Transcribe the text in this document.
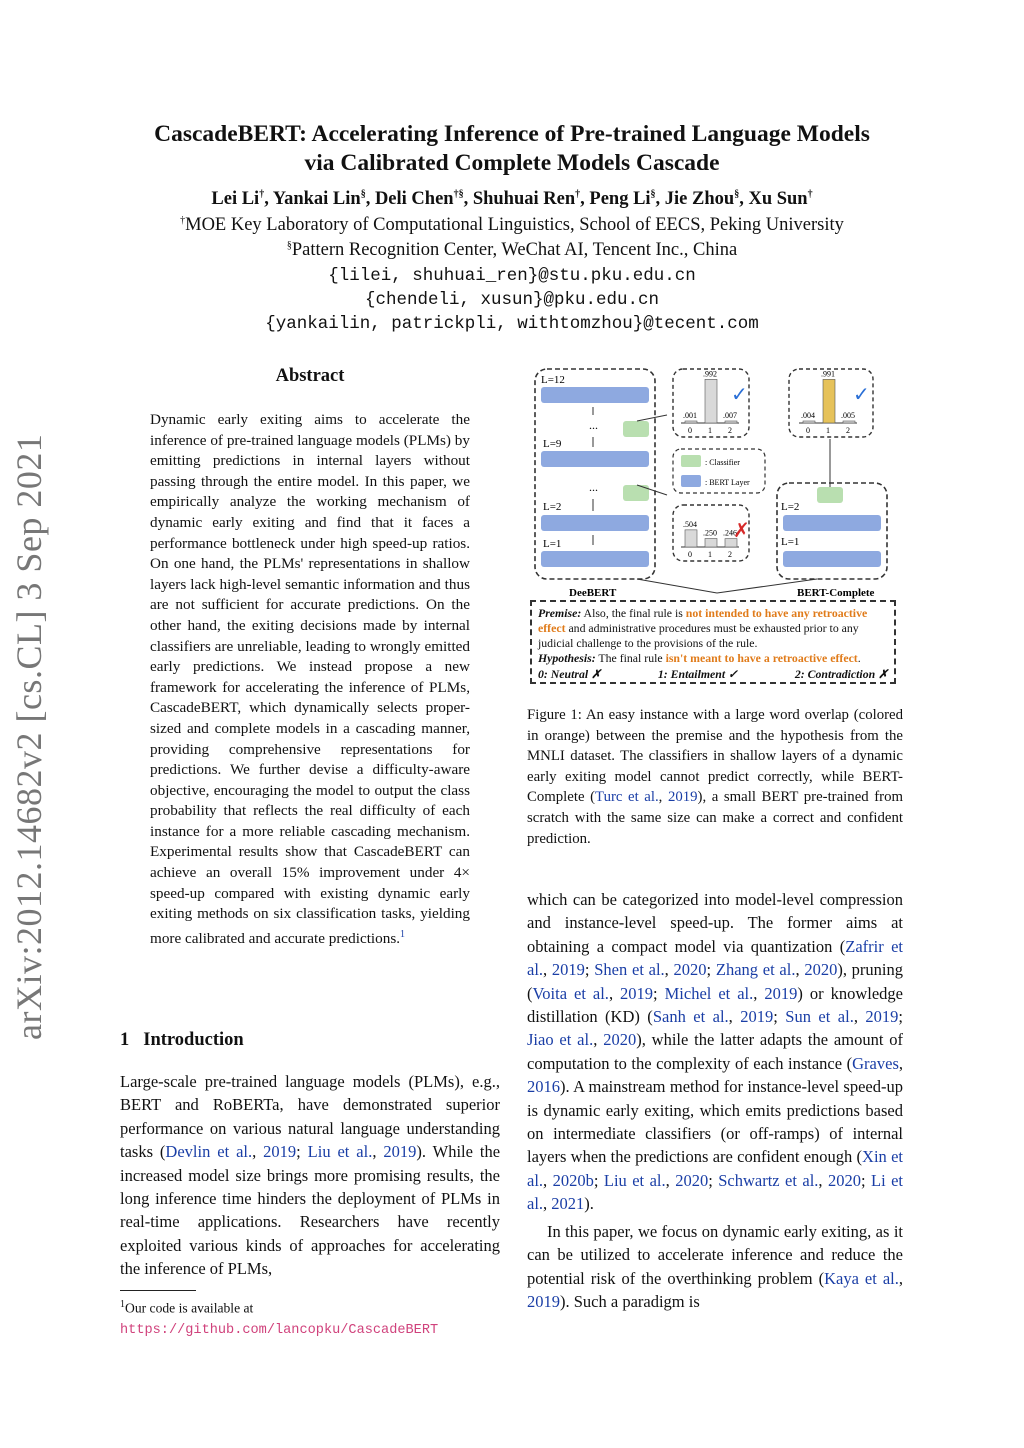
arXiv:2012.14682v2 [cs.CL] 3 Sep 2021
CascadeBERT: Accelerating Inference of Pre-trained Language Models
via Calibrated Complete Models Cascade
Lei Li†, Yankai Lin§, Deli Chen†§, Shuhuai Ren†, Peng Li§, Jie Zhou§, Xu Sun†
†MOE Key Laboratory of Computational Linguistics, School of EECS, Peking University
§Pattern Recognition Center, WeChat AI, Tencent Inc., China
{lilei, shuhuai_ren}@stu.pku.edu.cn
{chendeli, xusun}@pku.edu.cn
{yankailin, patrickpli, withtomzhou}@tecent.com
Abstract
Dynamic early exiting aims to accelerate the inference of pre-trained language models (PLMs) by emitting predictions in internal layers without passing through the entire model. In this paper, we empirically analyze the working mechanism of dynamic early exiting and find that it faces a performance bottleneck under high speed-up ratios. On one hand, the PLMs' representations in shallow layers lack high-level semantic information and thus are not sufficient for accurate predictions. On the other hand, the exiting decisions made by internal classifiers are unreliable, leading to wrongly emitted early predictions. We instead propose a new framework for accelerating the inference of PLMs, CascadeBERT, which dynamically selects proper-sized and complete models in a cascading manner, providing comprehensive representations for predictions. We further devise a difficulty-aware objective, encouraging the model to output the class probability that reflects the real difficulty of each instance for a more reliable cascading mechanism. Experimental results show that CascadeBERT can achieve an overall 15% improvement under 4× speed-up compared with existing dynamic early exiting methods on six classification tasks, yielding more calibrated and accurate predictions.$^1$
1 Introduction
Large-scale pre-trained language models (PLMs), e.g., BERT and RoBERTa, have demonstrated superior performance on various natural language understanding tasks (Devlin et al., 2019; Liu et al., 2019). While the increased model size brings more promising results, the long inference time hinders the deployment of PLMs in real-time applications. Researchers have recently exploited various kinds of approaches for accelerating the inference of PLMs,
$^1$Our code is available at https://github.com/lancopku/CascadeBERT
L=12
...
L=9
...
L=2
L=1
.001
0
.992
1
.007
2
✓
.504
0
.250
1
.246
2
✗
: Classifier
: BERT Layer
L=2
L=1
.004
0
.991
1
.005
2
✓
DeeBERT	BERT-Complete
Premise: Also, the final rule is not intended to have any retroactive effect and administrative procedures must be exhausted prior to any judicial challenge to the provisions of the rule.
Hypothesis: The final rule isn't meant to have a retroactive effect.
0: Neutral ✗	1: Entailment ✓	2: Contradiction ✗
Figure 1: An easy instance with a large word overlap (colored in orange) between the premise and the hypothesis from the MNLI dataset. The classifiers in shallow layers of a dynamic early exiting model cannot predict correctly, while BERT-Complete (Turc et al., 2019), a small BERT pre-trained from scratch with the same size can make a correct and confident prediction.
which can be categorized into model-level compression and instance-level speed-up. The former aims at obtaining a compact model via quantization (Zafrir et al., 2019; Shen et al., 2020; Zhang et al., 2020), pruning (Voita et al., 2019; Michel et al., 2019) or knowledge distillation (KD) (Sanh et al., 2019; Sun et al., 2019; Jiao et al., 2020), while the latter adapts the amount of computation to the complexity of each instance (Graves, 2016). A mainstream method for instance-level speed-up is dynamic early exiting, which emits predictions based on intermediate classifiers (or off-ramps) of internal layers when the predictions are confident enough (Xin et al., 2020b; Liu et al., 2020; Schwartz et al., 2020; Li et al., 2021).
In this paper, we focus on dynamic early exiting, as it can be utilized to accelerate inference and reduce the potential risk of the overthinking problem (Kaya et al., 2019). Such a paradigm is
